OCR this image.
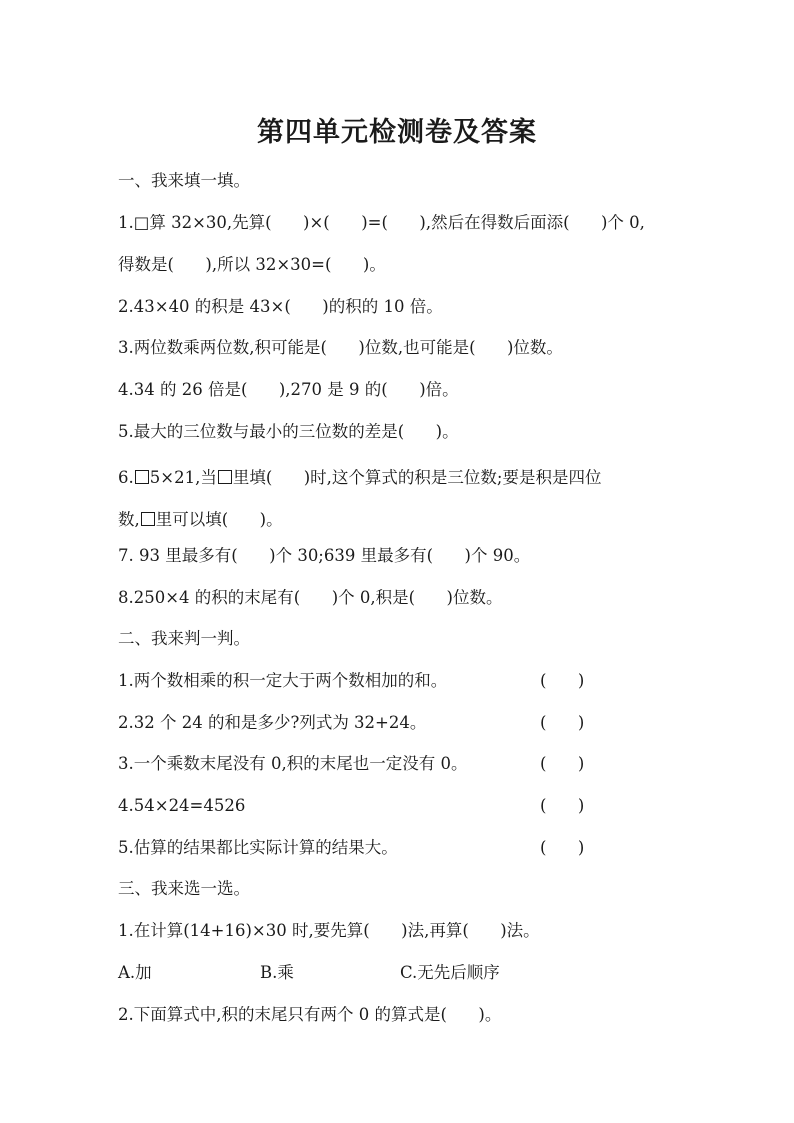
第四单元检测卷及答案
一、我来填一填。
1.□算 32×30,先算(      )×(      )=(      ),然后在得数后面添(      )个 0,
得数是(      ),所以 32×30=(      )。
2.43×40 的积是 43×(      )的积的 10 倍。
3.两位数乘两位数,积可能是(      )位数,也可能是(      )位数。
4.34 的 26 倍是(      ),270 是 9 的(      )倍。
5.最大的三位数与最小的三位数的差是(      )。
6. 5×21,当 里填(      )时,这个算式的积是三位数;要是积是四位
数, 里可以填(      )。
7. 93 里最多有(      )个 30;639 里最多有(      )个 90。
8.250×4 的积的末尾有(      )个 0,积是(      )位数。
二、我来判一判。
1.两个数相乘的积一定大于两个数相加的和。	(      )
2.32 个 24 的和是多少?列式为 32+24。	(      )
3.一个乘数末尾没有 0,积的末尾也一定没有 0。	(      )
4.54×24=4526	(      )
5.估算的结果都比实际计算的结果大。	(      )
三、我来选一选。
1.在计算(14+16)×30 时,要先算(      )法,再算(      )法。
A.加	B.乘	C.无先后顺序
2.下面算式中,积的末尾只有两个 0 的算式是(      )。
